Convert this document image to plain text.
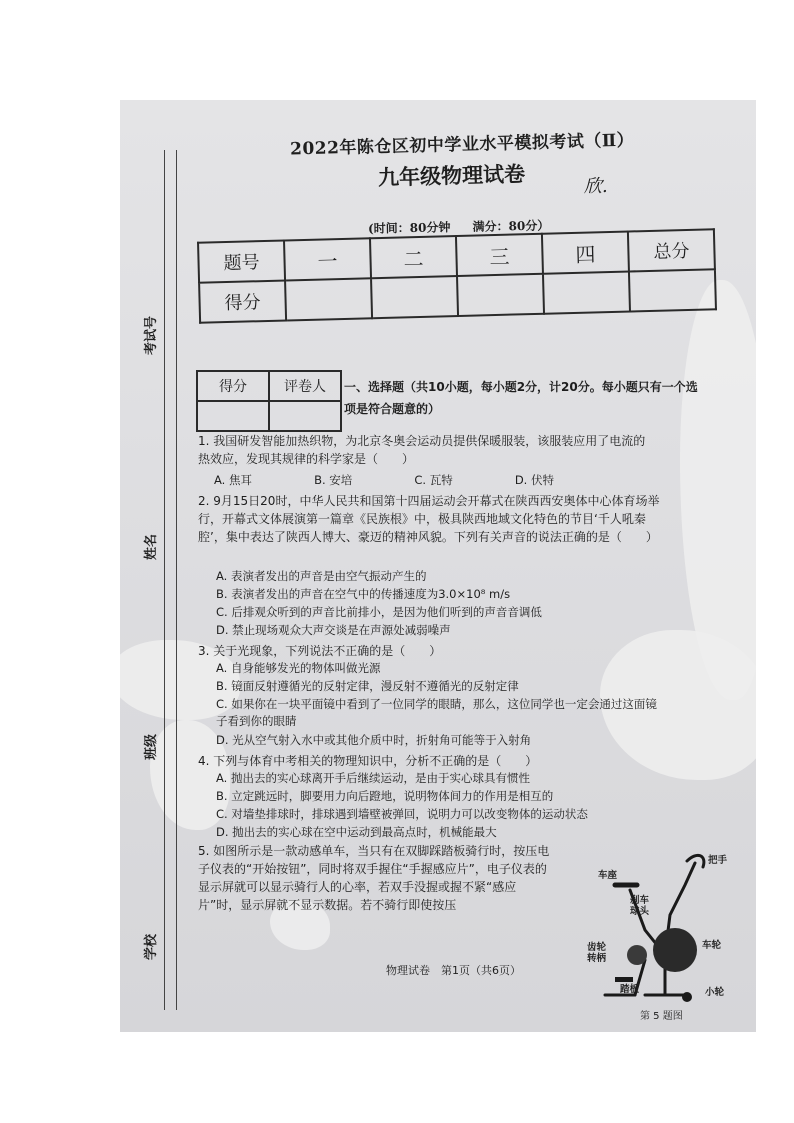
考试号
姓名
班级
学校
2022年陈仓区初中学业水平模拟考试（Ⅱ）
九年级物理试卷	欣.
(时间：80分钟 满分：80分）
题号	一	二	三	四	总分
得分					
得分	评卷人
	一、选择题（共10小题，每小题2分，计20分。每小题只有一个选项是符合题意的）
1. 我国研发智能加热织物，为北京冬奥会运动员提供保暖服装，该服装应用了电流的热效应，发现其规律的科学家是（　　）
A. 焦耳	B. 安培	C. 瓦特	D. 伏特
2. 9月15日20时，中华人民共和国第十四届运动会开幕式在陕西西安奥体中心体育场举行，开幕式文体展演第一篇章《民族根》中，极具陕西地域文化特色的节目‘千人吼秦腔’，集中表达了陕西人博大、豪迈的精神风貌。下列有关声音的说法正确的是（　　）
A. 表演者发出的声音是由空气振动产生的
B. 表演者发出的声音在空气中的传播速度为3.0×10⁸ m/s
C. 后排观众听到的声音比前排小，是因为他们听到的声音音调低
D. 禁止现场观众大声交谈是在声源处减弱噪声
3. 关于光现象，下列说法不正确的是（　　）
A. 自身能够发光的物体叫做光源
B. 镜面反射遵循光的反射定律，漫反射不遵循光的反射定律
C. 如果你在一块平面镜中看到了一位同学的眼睛，那么，这位同学也一定会通过这面镜子看到你的眼睛
D. 光从空气射入水中或其他介质中时，折射角可能等于入射角
4. 下列与体育中考相关的物理知识中，分析不正确的是（　　）
A. 抛出去的实心球离开手后继续运动，是由于实心球具有惯性
B. 立定跳远时，脚要用力向后蹬地，说明物体间力的作用是相互的
C. 对墙垫排球时，排球遇到墙壁被弹回，说明力可以改变物体的运动状态
D. 抛出去的实心球在空中运动到最高点时，机械能最大
5. 如图所示是一款动感单车，当只有在双脚踩踏板骑行时，按压电子仪表的“开始按钮”，同时将双手握住“手握感应片”，电子仪表的显示屏就可以显示骑行人的心率，若双手没握或握不紧“感应片”时，显示屏就不显示数据。若不骑行即使按压
把手
车座
刹车球头
车轮
齿轮转柄
踏板	小轮
第 5 题图
物理试卷　第1页（共6页）
